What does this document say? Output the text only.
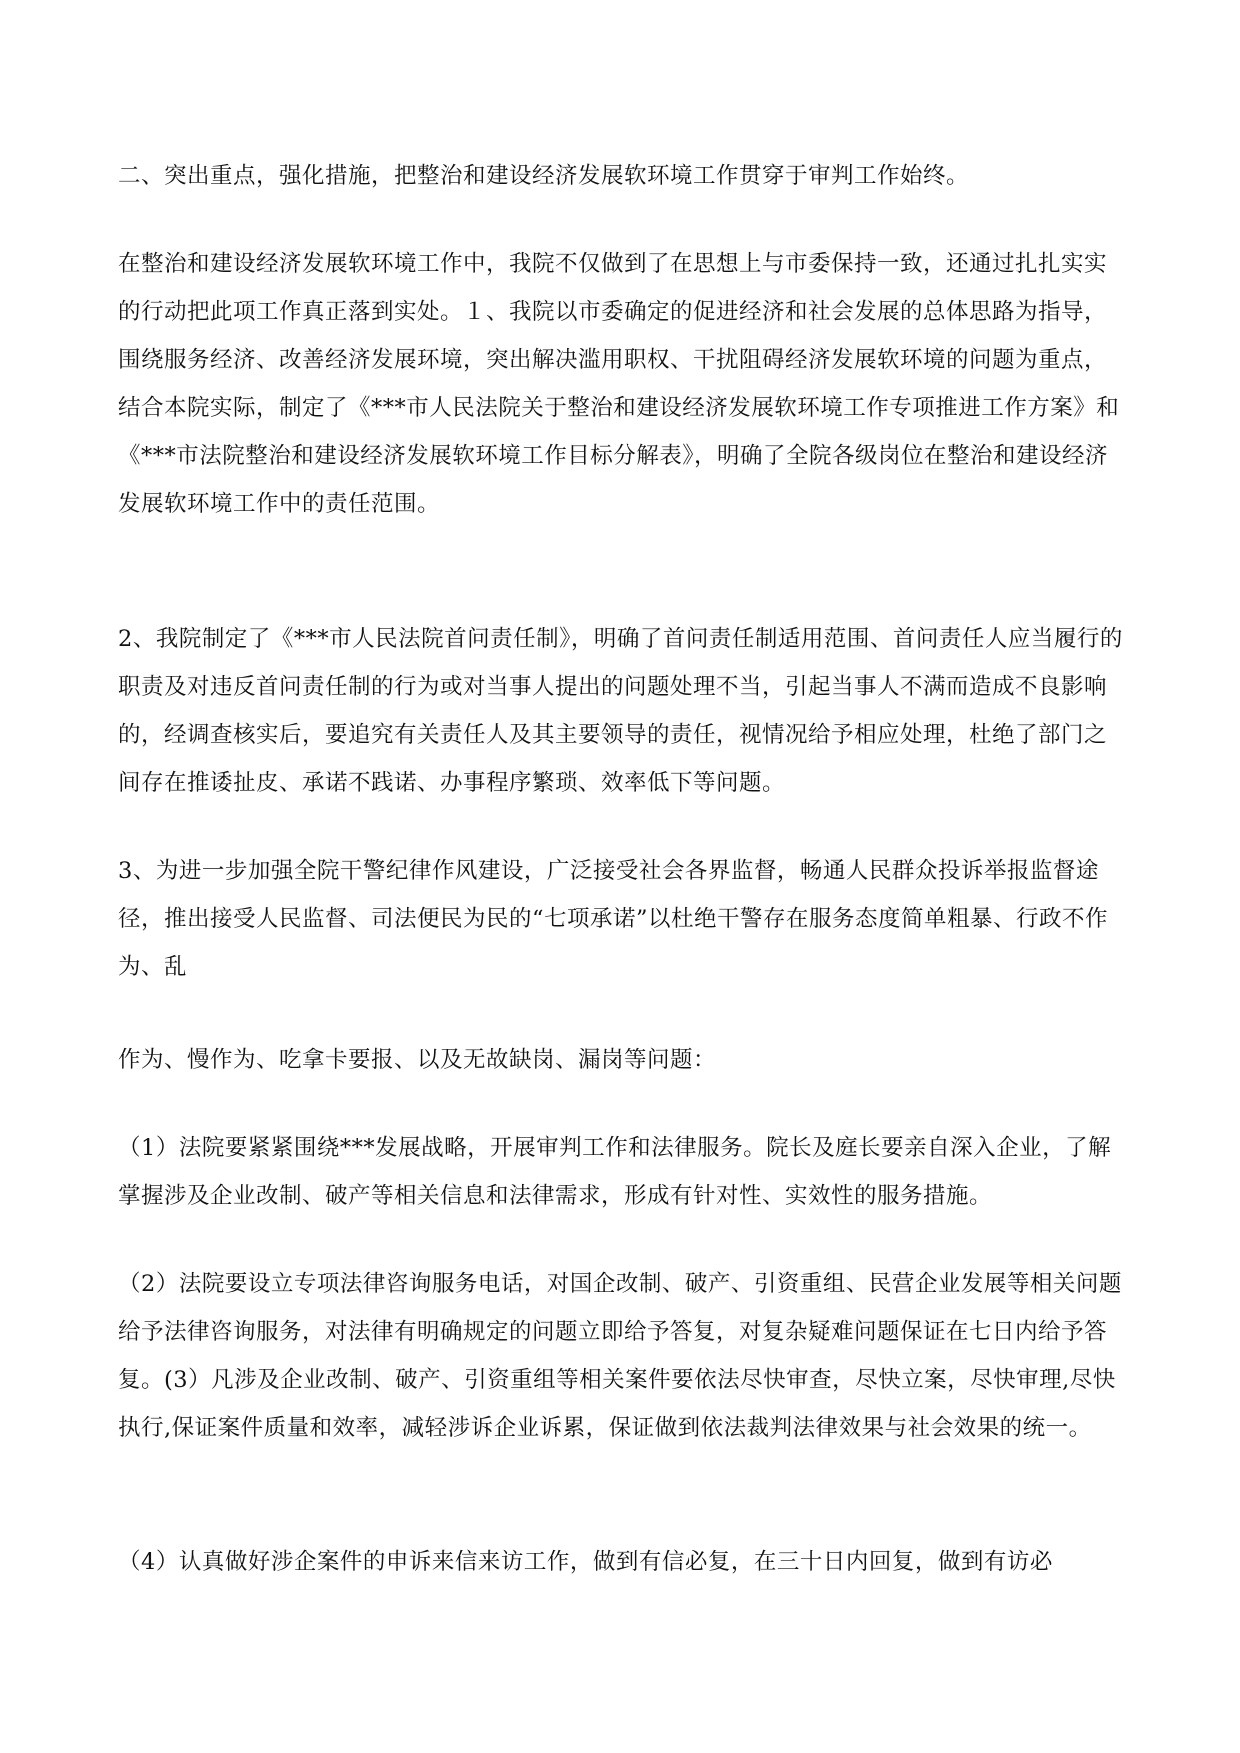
二、突出重点，强化措施，把整治和建设经济发展软环境工作贯穿于审判工作始终。

在整治和建设经济发展软环境工作中，我院不仅做到了在思想上与市委保持一致，还通过扎扎实实的行动把此项工作真正落到实处。１、我院以市委确定的促进经济和社会发展的总体思路为指导，围绕服务经济、改善经济发展环境，突出解决滥用职权、干扰阻碍经济发展软环境的问题为重点，结合本院实际，制定了《***市人民法院关于整治和建设经济发展软环境工作专项推进工作方案》和《***市法院整治和建设经济发展软环境工作目标分解表》，明确了全院各级岗位在整治和建设经济发展软环境工作中的责任范围。

2、我院制定了《***市人民法院首问责任制》，明确了首问责任制适用范围、首问责任人应当履行的职责及对违反首问责任制的行为或对当事人提出的问题处理不当，引起当事人不满而造成不良影响的，经调查核实后，要追究有关责任人及其主要领导的责任，视情况给予相应处理，杜绝了部门之间存在推诿扯皮、承诺不践诺、办事程序繁琐、效率低下等问题。

3、为进一步加强全院干警纪律作风建设，广泛接受社会各界监督，畅通人民群众投诉举报监督途径，推出接受人民监督、司法便民为民的“七项承诺”以杜绝干警存在服务态度简单粗暴、行政不作为、乱

作为、慢作为、吃拿卡要报、以及无故缺岗、漏岗等问题：

（1）法院要紧紧围绕***发展战略，开展审判工作和法律服务。院长及庭长要亲自深入企业，了解掌握涉及企业改制、破产等相关信息和法律需求，形成有针对性、实效性的服务措施。

（2）法院要设立专项法律咨询服务电话，对国企改制、破产、引资重组、民营企业发展等相关问题给予法律咨询服务，对法律有明确规定的问题立即给予答复，对复杂疑难问题保证在七日内给予答复。(3）凡涉及企业改制、破产、引资重组等相关案件要依法尽快审查，尽快立案，尽快审理,尽快执行,保证案件质量和效率，减轻涉诉企业诉累，保证做到依法裁判法律效果与社会效果的统一。

（4）认真做好涉企案件的申诉来信来访工作，做到有信必复，在三十日内回复，做到有访必
